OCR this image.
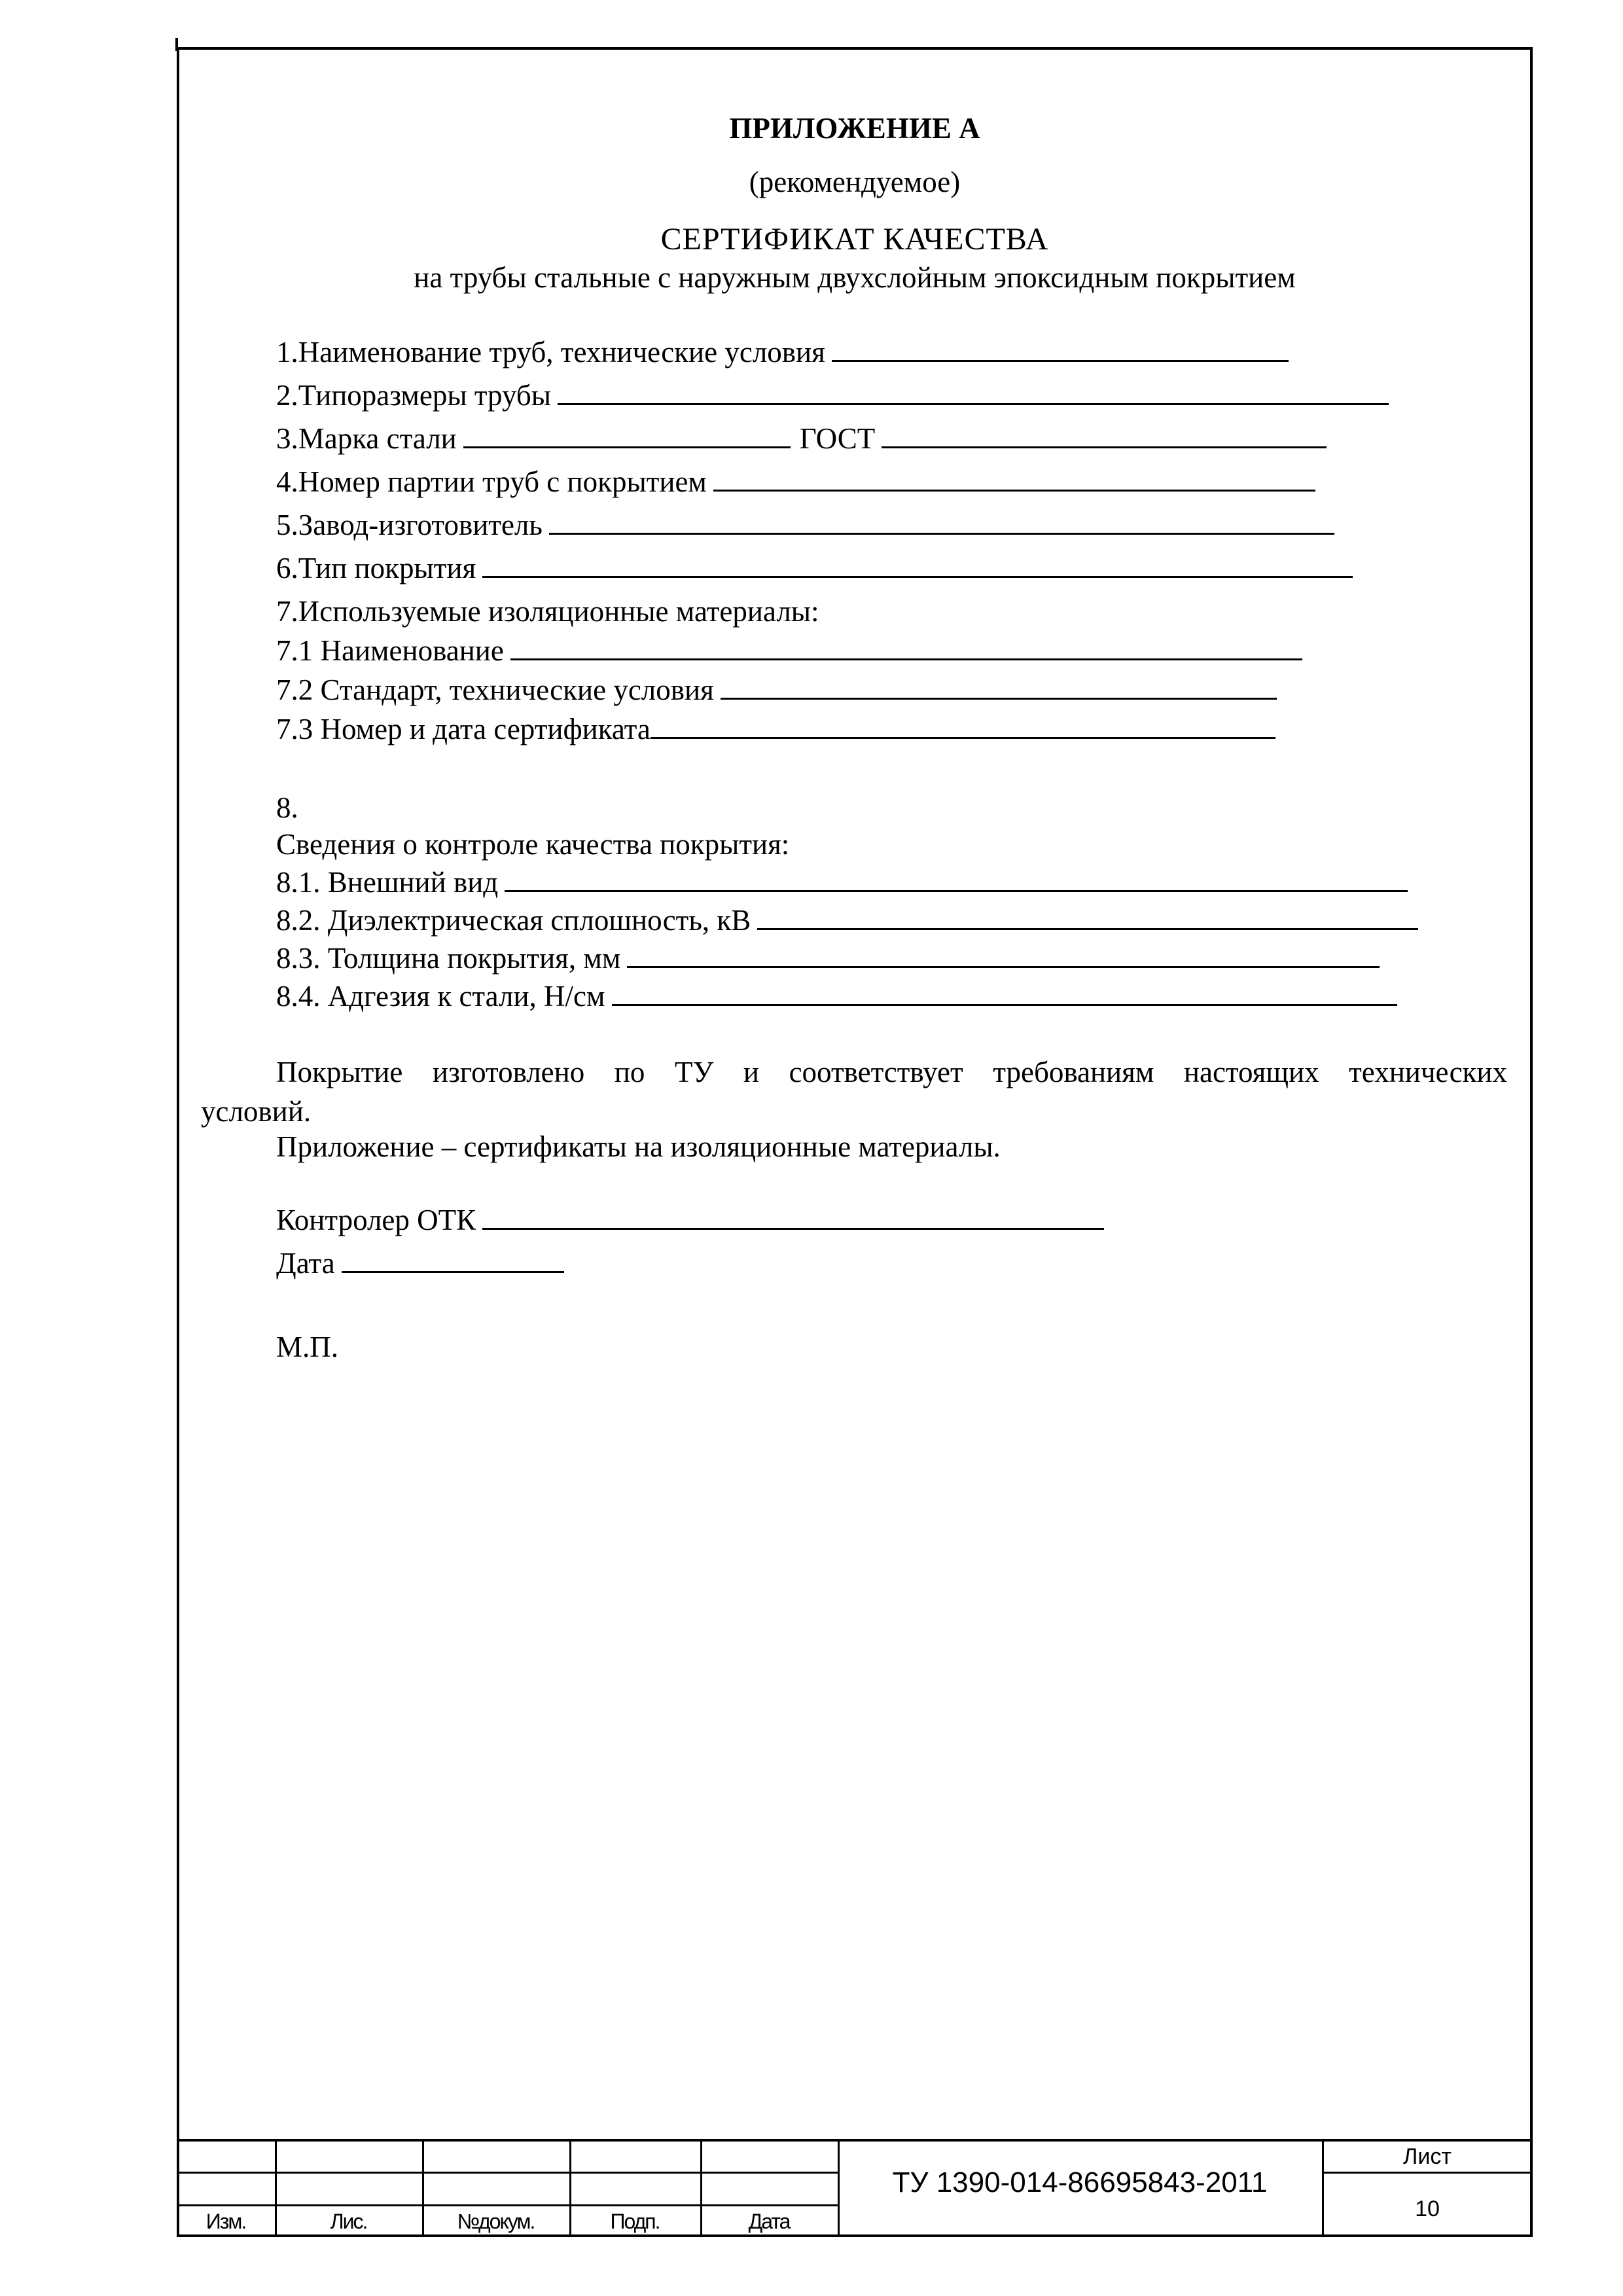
ПРИЛОЖЕНИЕ А
(рекомендуемое)
СЕРТИФИКАТ КАЧЕСТВА
на трубы стальные с наружным двухслойным эпоксидным покрытием
1.Наименование труб, технические условия
2.Типоразмеры трубы
3.Марка стали	ГОСТ
4.Номер партии труб с покрытием
5.Завод-изготовитель
6.Тип покрытия
7.Используемые изоляционные материалы:
7.1 Наименование
7.2 Стандарт, технические условия
7.3 Номер и дата сертификата
8.
Сведения о контроле качества покрытия:
8.1. Внешний вид
8.2. Диэлектрическая сплошность, кВ
8.3. Толщина покрытия, мм
8.4. Адгезия к стали, Н/см
Покрытие изготовлено по ТУ и соответствует требованиям настоящих технических
условий.
Приложение – сертификаты на изоляционные материалы.
Контролер ОТК
Дата
М.П.
Изм.	Лис.	№докум.	Подп.	Дата
ТУ 1390-014-86695843-2011
Лист
10
